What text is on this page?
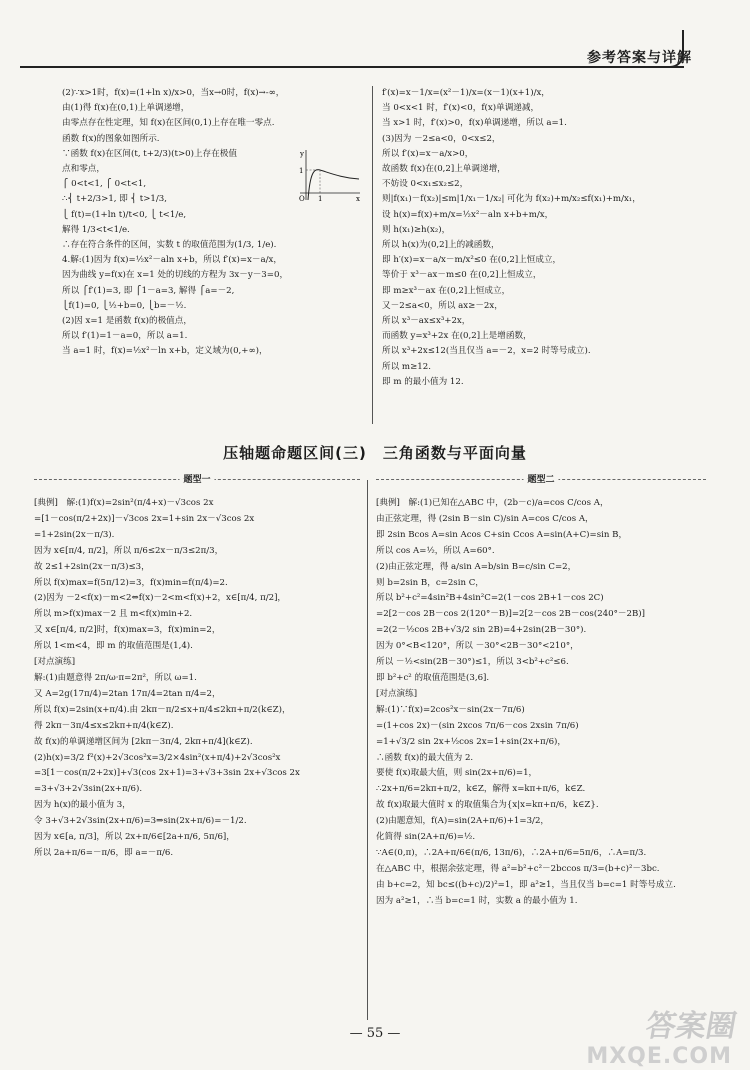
参考答案与详解
(2)∵x>1时，f(x)=(1+ln x)/x>0，当x→0时，f(x)→-∞，
由(1)得 f(x)在(0,1)上单调递增，
由零点存在性定理，知 f(x)在区间(0,1)上存在唯一零点.
函数 f(x)的图象如图所示.
∵函数 f(x)在区间(t, t+2/3)(t>0)上存在极值
点和零点，
⎧ 0<t<1, ⎧ 0<t<1,
∴⎨ t+2/3>1, 即 ⎨ t>1/3,
⎩ f(t)=(1+ln t)/t<0, ⎩ t<1/e,
解得 1/3<t<1/e.
∴存在符合条件的区间，实数 t 的取值范围为(1/3, 1/e).
4.解:(1)因为 f(x)=½x²－aln x+b，所以 f′(x)=x－a/x，
因为曲线 y=f(x)在 x=1 处的切线的方程为 3x－y－3=0，
所以 ⎧f′(1)=3, 即 ⎧1－a=3, 解得 ⎧a=－2,
⎩f(1)=0, ⎩½+b=0, ⎩b=－½.
(2)因 x=1 是函数 f(x)的极值点，
所以 f′(1)=1－a=0，所以 a=1.
当 a=1 时，f(x)=½x²－ln x+b，定义域为(0,+∞)，
f′(x)=x－1/x=(x²－1)/x=(x－1)(x+1)/x，
当 0<x<1 时，f′(x)<0，f(x)单调递减，
当 x>1 时，f′(x)>0，f(x)单调递增，所以 a=1.
(3)因为 －2≤a<0，0<x≤2，
所以 f′(x)=x－a/x>0，
故函数 f(x)在(0,2]上单调递增，
不妨设 0<x₁≤x₂≤2，
则|f(x₁)－f(x₂)|≤m|1/x₁－1/x₂| 可化为 f(x₂)+m/x₂≤f(x₁)+m/x₁，
设 h(x)=f(x)+m/x=½x²－aln x+b+m/x，
则 h(x₁)≥h(x₂)，
所以 h(x)为(0,2]上的减函数，
即 h′(x)=x－a/x－m/x²≤0 在(0,2]上恒成立，
等价于 x³－ax－m≤0 在(0,2]上恒成立，
即 m≥x³－ax 在(0,2]上恒成立，
又－2≤a<0，所以 ax≥－2x，
所以 x³－ax≤x³+2x，
而函数 y=x³+2x 在(0,2]上是增函数，
所以 x³+2x≤12(当且仅当 a=－2，x=2 时等号成立).
所以 m≥12.
即 m 的最小值为 12.
y
x
O
1
1
压轴题命题区间(三)　三角函数与平面向量
题型一	题型二
[典例]　解:(1)f(x)=2sin²(π/4+x)－√3cos 2x
=[1－cos(π/2+2x)]－√3cos 2x=1+sin 2x－√3cos 2x
=1+2sin(2x－π/3).
因为 x∈[π/4, π/2]，所以 π/6≤2x－π/3≤2π/3，
故 2≤1+2sin(2x－π/3)≤3，
所以 f(x)max=f(5π/12)=3，f(x)min=f(π/4)=2.
(2)因为 －2<f(x)－m<2⇔f(x)－2<m<f(x)+2，x∈[π/4, π/2]，
所以 m>f(x)max－2 且 m<f(x)min+2.
又 x∈[π/4, π/2]时，f(x)max=3，f(x)min=2，
所以 1<m<4，即 m 的取值范围是(1,4).
[对点演练]
解:(1)由题意得 2π/ω·π=2π²，所以 ω=1.
又 A=2g(17π/4)=2tan 17π/4=2tan π/4=2，
所以 f(x)=2sin(x+π/4).由 2kπ－π/2≤x+π/4≤2kπ+π/2(k∈Z)，
得 2kπ－3π/4≤x≤2kπ+π/4(k∈Z).
故 f(x)的单调递增区间为 [2kπ－3π/4, 2kπ+π/4](k∈Z).
(2)h(x)=3/2 f²(x)+2√3cos²x=3/2×4sin²(x+π/4)+2√3cos²x
=3[1－cos(π/2+2x)]+√3(cos 2x+1)=3+√3+3sin 2x+√3cos 2x
=3+√3+2√3sin(2x+π/6).
因为 h(x)的最小值为 3，
令 3+√3+2√3sin(2x+π/6)=3⇒sin(2x+π/6)=－1/2.
因为 x∈[a, π/3]，所以 2x+π/6∈[2a+π/6, 5π/6]，
所以 2a+π/6=－π/6，即 a=－π/6.
[典例]　解:(1)已知在△ABC 中，(2b－c)/a=cos C/cos A，
由正弦定理，得 (2sin B－sin C)/sin A=cos C/cos A，
即 2sin Bcos A=sin Acos C+sin Ccos A=sin(A+C)=sin B，
所以 cos A=½，所以 A=60°.
(2)由正弦定理，得 a/sin A=b/sin B=c/sin C=2，
则 b=2sin B，c=2sin C，
所以 b²+c²=4sin²B+4sin²C=2(1－cos 2B+1－cos 2C)
=2[2－cos 2B－cos 2(120°－B)]=2[2－cos 2B－cos(240°－2B)]
=2(2－½cos 2B+√3/2 sin 2B)=4+2sin(2B－30°).
因为 0°<B<120°，所以 －30°<2B－30°<210°，
所以 －½<sin(2B－30°)≤1，所以 3<b²+c²≤6.
即 b²+c² 的取值范围是(3,6].
[对点演练]
解:(1)∵f(x)=2cos²x－sin(2x－7π/6)
=(1+cos 2x)－(sin 2xcos 7π/6－cos 2xsin 7π/6)
=1+√3/2 sin 2x+½cos 2x=1+sin(2x+π/6)，
∴函数 f(x)的最大值为 2.
要使 f(x)取最大值，则 sin(2x+π/6)=1，
∴2x+π/6=2kπ+π/2，k∈Z，解得 x=kπ+π/6，k∈Z.
故 f(x)取最大值时 x 的取值集合为{x|x=kπ+π/6，k∈Z}.
(2)由题意知，f(A)=sin(2A+π/6)+1=3/2，
化简得 sin(2A+π/6)=½.
∵A∈(0,π)，∴2A+π/6∈(π/6, 13π/6)，∴2A+π/6=5π/6，∴A=π/3.
在△ABC 中，根据余弦定理，得 a²=b²+c²－2bccos π/3=(b+c)²－3bc.
由 b+c=2，知 bc≤((b+c)/2)²=1，即 a²≥1，当且仅当 b=c=1 时等号成立.
因为 a²≥1，∴当 b=c=1 时，实数 a 的最小值为 1.
— 55 —	答案圈
MXQE.COM
